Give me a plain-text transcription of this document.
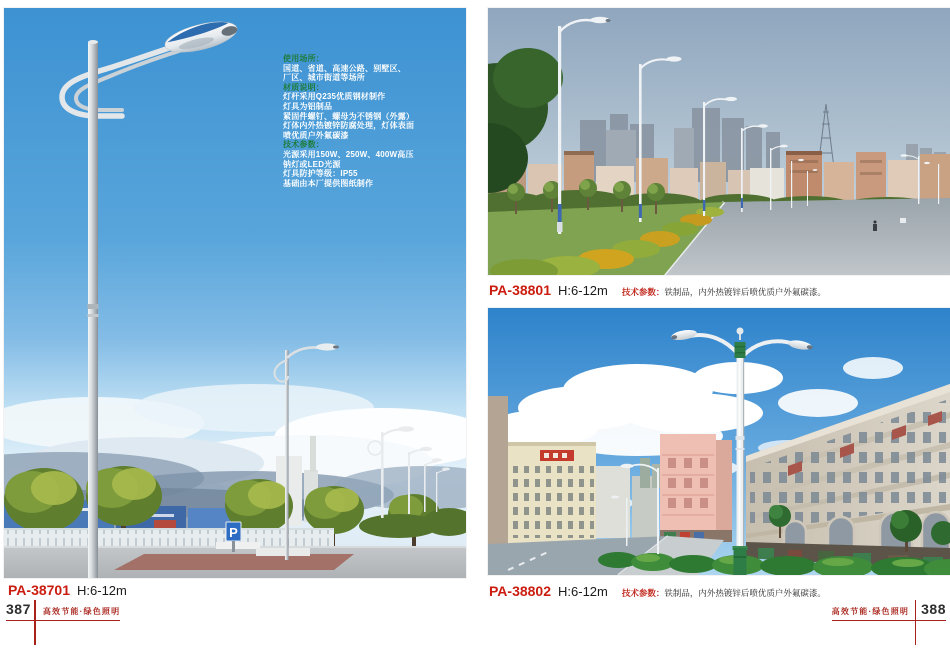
P
使用场所：
国道、省道、高速公路、别墅区、
厂区、城市街道等场所
材质说明：
灯杆采用Q235优质钢材制作
灯具为铝制品
紧固件螺钉、螺母为不锈钢（外露）
灯体内外热镀锌防腐处理，灯体表面
喷优质户外氟碳漆
技术参数：
光源采用150W、250W、400W高压
钠灯或LED光源
灯具防护等级：IP55
基础由本厂提供图纸制作
PA-38701 H:6-12m
387 高效节能·绿色照明
PA-38801 H:6-12m 技术参数：铁制品，内外热镀锌后喷优质户外氟碳漆。
PA-38802 H:6-12m 技术参数：铁制品，内外热镀锌后喷优质户外氟碳漆。
高效节能·绿色照明 388
